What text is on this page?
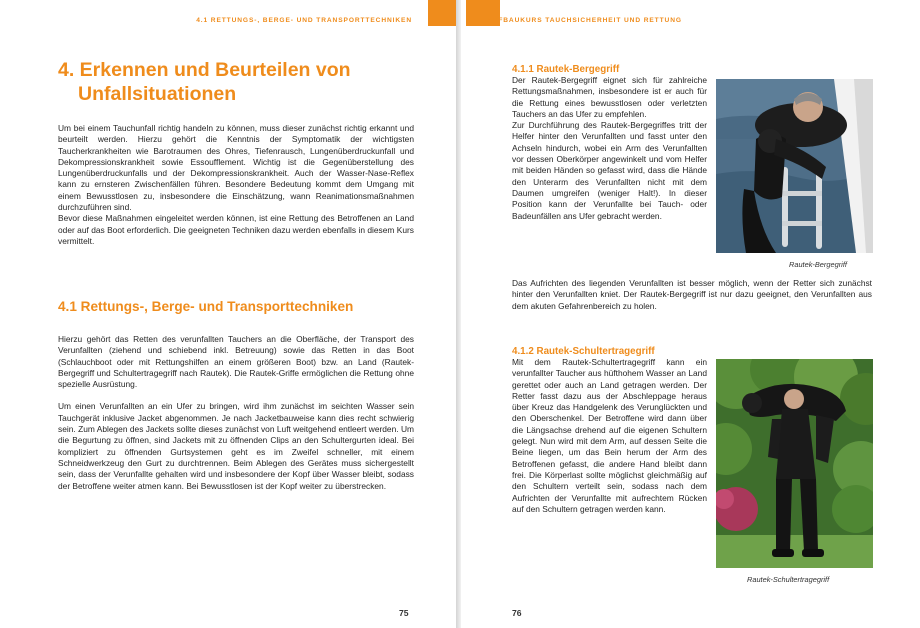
4.1 RETTUNGS-, BERGE- UND TRANSPORTTECHNIKEN
4. Erkennen und Beurteilen von
Unfallsituationen

Um bei einem Tauchunfall richtig handeln zu können, muss dieser zunächst richtig erkannt und beurteilt werden. Hierzu gehört die Kenntnis der Symptomatik der wichtigsten Taucherkrankheiten wie Barotraumen des Ohres, Tiefenrausch, Lungenüberdruckunfall und Dekompressionskrankheit sowie Essoufflement. Wichtig ist die Gegenüberstellung des Lungenüberdruckunfalls und der Dekompressionskrankheit. Auch der Wasser-Nase-Reflex kann zu ernsteren Zwischenfällen führen. Besondere Bedeutung kommt dem Umgang mit einem Bewusstlosen zu, insbesondere die Einschätzung, wann Reanimationsmaßnahmen durchzuführen sind.

Bevor diese Maßnahmen eingeleitet werden können, ist eine Rettung des Betroffenen an Land oder auf das Boot erforderlich. Die geeigneten Techniken dazu werden ebenfalls in diesem Kurs vermittelt.

4.1 Rettungs-, Berge- und Transporttechniken

Hierzu gehört das Retten des verunfallten Tauchers an die Oberfläche, der Transport des Verunfallten (ziehend und schiebend inkl. Betreuung) sowie das Retten in das Boot (Schlauchboot oder mit Rettungshilfen an einem größeren Boot) bzw. an Land (Rautek-Bergegriff und Schultertragegriff nach Rautek). Die Rautek-Griffe ermöglichen die Rettung ohne spezielle Ausrüstung.

Um einen Verunfallten an ein Ufer zu bringen, wird ihm zunächst im seichten Wasser sein Tauchgerät inklusive Jacket abgenommen. Je nach Jacketbauweise kann dies recht schwierig sein. Zum Ablegen des Jackets sollte dieses zunächst von Luft weitgehend entleert werden. Um die Begurtung zu öffnen, sind Jackets mit zu öffnenden Clips an den Schultergurten ideal. Bei kompliziert zu öffnenden Gurtsystemen geht es im Zweifel schneller, mit einem Schneidwerkzeug den Gurt zu durchtrennen. Beim Ablegen des Gerätes muss sichergestellt sein, dass der Verunfallte gehalten wird und insbesondere der Kopf über Wasser bleibt, sodass der Betroffene weiter atmen kann. Bei Bewusstlosen ist der Kopf weiter zu überstrecken.

75
AUFBAUKURS TAUCHSICHERHEIT UND RETTUNG
4.1.1 Rautek-Bergegriff

Der Rautek-Bergegriff eignet sich für zahlreiche Rettungsmaßnahmen, insbesondere ist er auch für die Rettung eines bewusstlosen oder verletzten Tauchers an das Ufer zu empfehlen.

Zur Durchführung des Rautek-Bergegriffes tritt der Helfer hinter den Verunfallten und fasst unter den Achseln hindurch, wobei ein Arm des Verunfallten vor dessen Oberkörper angewinkelt und vom Helfer mit beiden Händen so gefasst wird, dass die Hände den Unterarm des Verunfallten nicht mit dem Daumen umgreifen (weniger Halt!). In dieser Position kann der Verunfallte bei Tauch- oder Badeunfällen ans Ufer gebracht werden.

Rautek-Bergegriff
Das Aufrichten des liegenden Verunfallten ist besser möglich, wenn der Retter sich zunächst hinter den Verunfallten kniet. Der Rautek-Bergegriff ist nur dazu geeignet, den Verunfallten aus dem akuten Gefahrenbereich zu holen.
4.1.2 Rautek-Schultertragegriff
Mit dem Rautek-Schultertragegriff kann ein verunfallter Taucher aus hüfthohem Wasser an Land gerettet oder auch an Land getragen werden. Der Retter fasst dazu aus der Abschleppage heraus über Kreuz das Handgelenk des Verunglückten und den Oberschenkel. Der Betroffene wird dann über die Längsachse drehend auf die eigenen Schultern gelegt. Nun wird mit dem Arm, auf dessen Seite die Beine liegen, um das Bein herum der Arm des Betroffenen gefasst, die andere Hand bleibt dann frei. Die Körperlast sollte möglichst gleichmäßig auf den Schultern verteilt sein, sodass nach dem Aufrichten der Verunfallte mit aufrechtem Rücken auf den Schultern getragen werden kann.
Rautek-Schultertragegriff
76
